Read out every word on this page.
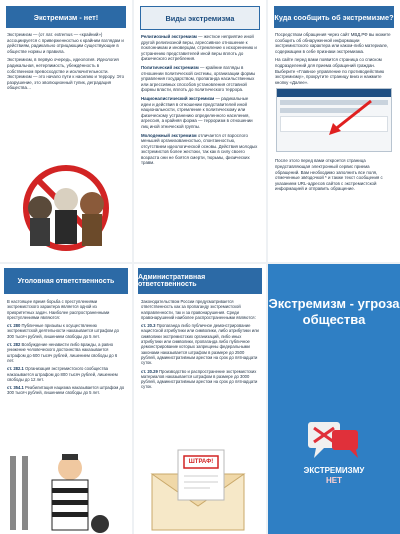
Экстремизм - нет!

Экстремизм — (от лат. extremus — «крайний») ассоциируется с приверженностью к крайним взглядам и действиям, радикально отрицающим существующие в обществе нормы и правила.

Экстремизм, в первую очередь, идеология. Идеология радикальная, нетерпимость, убеждённость в собственном превосходстве и исключительности. Экстремизм — это начало пути к насилию и террору. Это разрушение, это эволюционный тупик, деградация общества…

Виды экстремизма

Религиозный экстремизм — жесткое неприятие иной другой религиозной веры, агрессивное отношение к поклонникам и иноверцам, стремление к искоренению и устранению представителей иной веры вплоть до физического истребления.

Политический экстремизм — крайние взгляды в отношении политической системы, организации формы управления государством, пропаганда насильственных или агрессивных способов установления отставной формы власти, вплоть до политического террора.

Националистический экстремизм — радикальные идеи и действия в отношении представителей иной национальности, стремление к политическому или физическому устранению определенного населения, агрессия, а крайняя форма — терроризм в отношении лиц иной этнической группы.

Молодежный экстремизм отличается от взрослого меньшей организованностью, спонтанностью, отсутствием идеологической основы. Действия молодых экстремистов более жестоки, так как в силу своего возраста они не боятся смерти, тюрьмы, физических травм.

Куда сообщить об экстремизме?

Посредством обращения через сайт МВД.РФ вы можете сообщить об обнаруженной информации экстремистского характера или каком-либо материале, содержащем в себе признаки экстремизма.

На сайте перед вами появится страница со списком подразделений для приема обращений граждан. Выберите «Главное управление по противодействию экстремизму», прокрутите страницу вниз и нажмите кнопку «Далее».

После этого перед вами откроется страница представляющая электронный сервис приема обращений. Вам необходимо заполнить все поля, отмеченные звёздочкой * и также текст сообщения с указанием URL-адресов сайтов с экстремистской информацией и отправить обращение.

Уголовная ответственность
В настоящее время борьба с преступлениями экстремистского характера является одной из приоритетных задач. Наиболее распространенными преступлениями являются:
ст. 280 Публичные призывы к осуществлению экстремистской деятельности наказывается штрафом до 300 тысяч рублей, лишением свободы до 5 лет.
ст. 282 Возбуждение ненависти либо вражды, а равно унижение человеческого достоинства наказывается штрафом до 600 тысяч рублей, лишением свободы до 6 лет.
ст. 282.1 Организация экстремистского сообщества наказывается штрафом до 800 тысяч рублей, лишением свободы до 12 лет.
ст. 354.1 Реабилитация нацизма наказывается штрафом до 300 тысяч рублей, лишением свободы до 5 лет.
Административная ответственность
Законодательством России предусматривается ответственность как за пропаганду экстремистской направленности, так и за правонарушения. Среди правонарушений наиболее распространенными являются:
ст. 20.3 Пропаганда либо публичное демонстрирование нацистской атрибутики или символики, либо атрибутики или символики экстремистских организаций, либо иных атрибутики или символики, пропаганда либо публичное демонстрирование которых запрещены федеральными законами наказывается штрафом в размере до 2500 рублей, административным арестом на срок до пятнадцати суток.
ст. 20.29 Производство и распространение экстремистских материалов наказывается штрафом в размере до 3000 рублей, административным арестом на срок до пятнадцати суток.
ШТРАФ!
Экстремизм - угроза общества
ЭКСТРЕМИЗМУ
НЕТ
